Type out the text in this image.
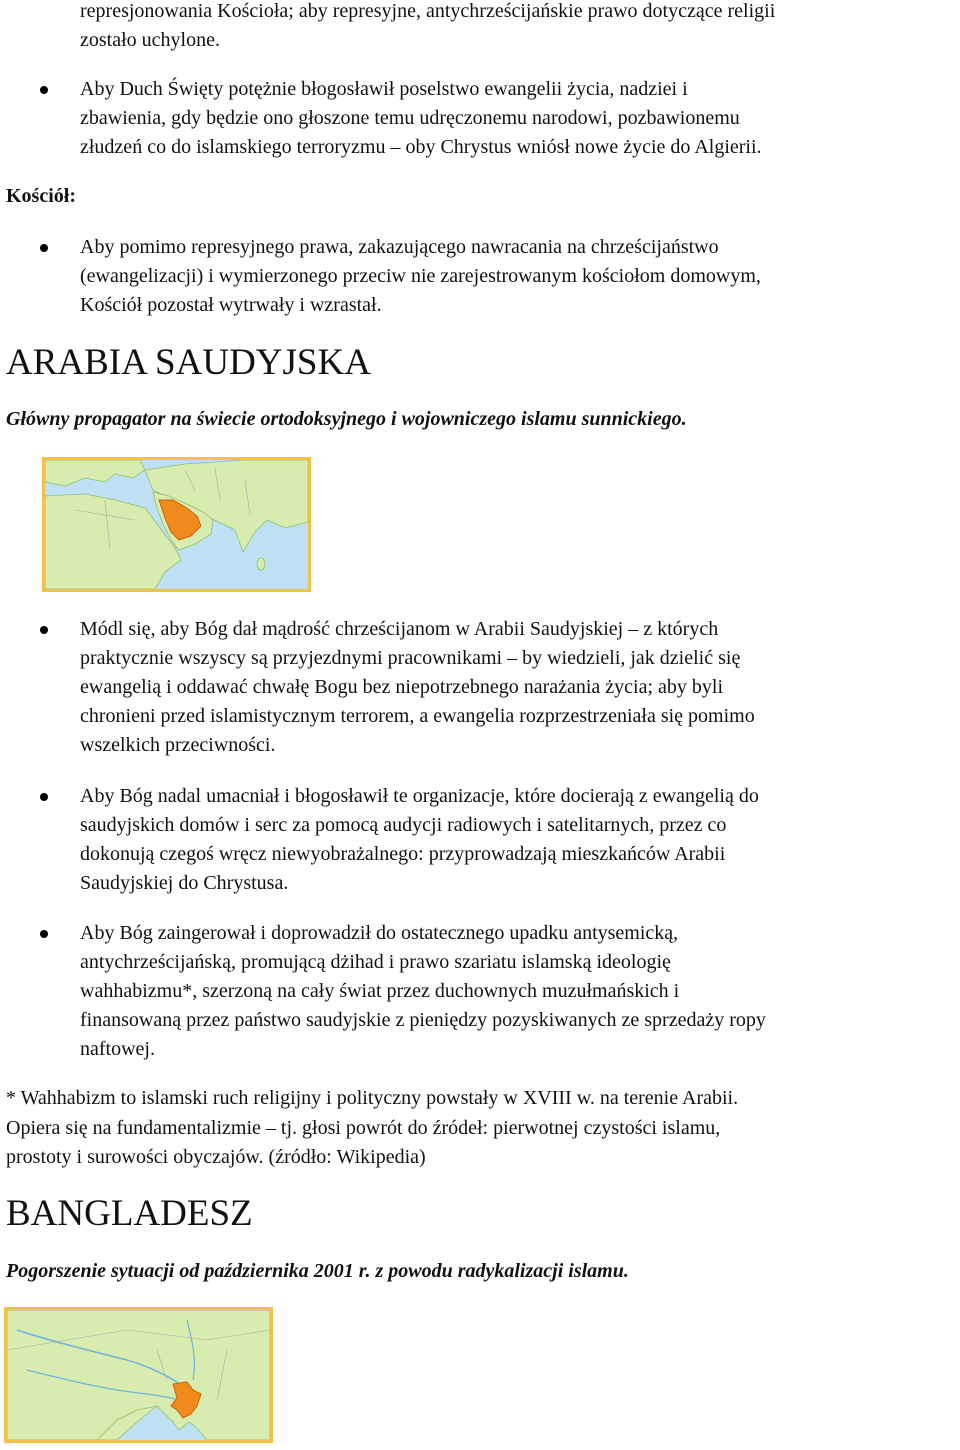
represjonowania Kościoła; aby represyjne, antychrześcijańskie prawo dotyczące religii
zostało uchylone.
Aby Duch Święty potężnie błogosławił poselstwo ewangelii życia, nadziei i
zbawienia, gdy będzie ono głoszone temu udręczonemu narodowi, pozbawionemu
złudzeń co do islamskiego terroryzmu – oby Chrystus wniósł nowe życie do Algierii.
Kościół:
Aby pomimo represyjnego prawa, zakazującego nawracania na chrześcijaństwo
(ewangelizacji) i wymierzonego przeciw nie zarejestrowanym kościołom domowym,
Kościół pozostał wytrwały i wzrastał.
ARABIA SAUDYJSKA
Główny propagator na świecie ortodoksyjnego i wojowniczego islamu sunnickiego.
Módl się, aby Bóg dał mądrość chrześcijanom w Arabii Saudyjskiej – z których
praktycznie wszyscy są przyjezdnymi pracownikami – by wiedzieli, jak dzielić się
ewangelią i oddawać chwałę Bogu bez niepotrzebnego narażania życia; aby byli
chronieni przed islamistycznym terrorem, a ewangelia rozprzestrzeniała się pomimo
wszelkich przeciwności.
Aby Bóg nadal umacniał i błogosławił te organizacje, które docierają z ewangelią do
saudyjskich domów i serc za pomocą audycji radiowych i satelitarnych, przez co
dokonują czegoś wręcz niewyobrażalnego: przyprowadzają mieszkańców Arabii
Saudyjskiej do Chrystusa.
Aby Bóg zaingerował i doprowadził do ostatecznego upadku antysemicką,
antychrześcijańską, promującą dżihad i prawo szariatu islamską ideologię
wahhabizmu*, szerzoną na cały świat przez duchownych muzułmańskich i
finansowaną przez państwo saudyjskie z pieniędzy pozyskiwanych ze sprzedaży ropy
naftowej.
* Wahhabizm to islamski ruch religijny i polityczny powstały w XVIII w. na terenie Arabii.
Opiera się na fundamentalizmie – tj. głosi powrót do źródeł: pierwotnej czystości islamu,
prostoty i surowości obyczajów. (źródło: Wikipedia)
BANGLADESZ
Pogorszenie sytuacji od października 2001 r. z powodu radykalizacji islamu.
